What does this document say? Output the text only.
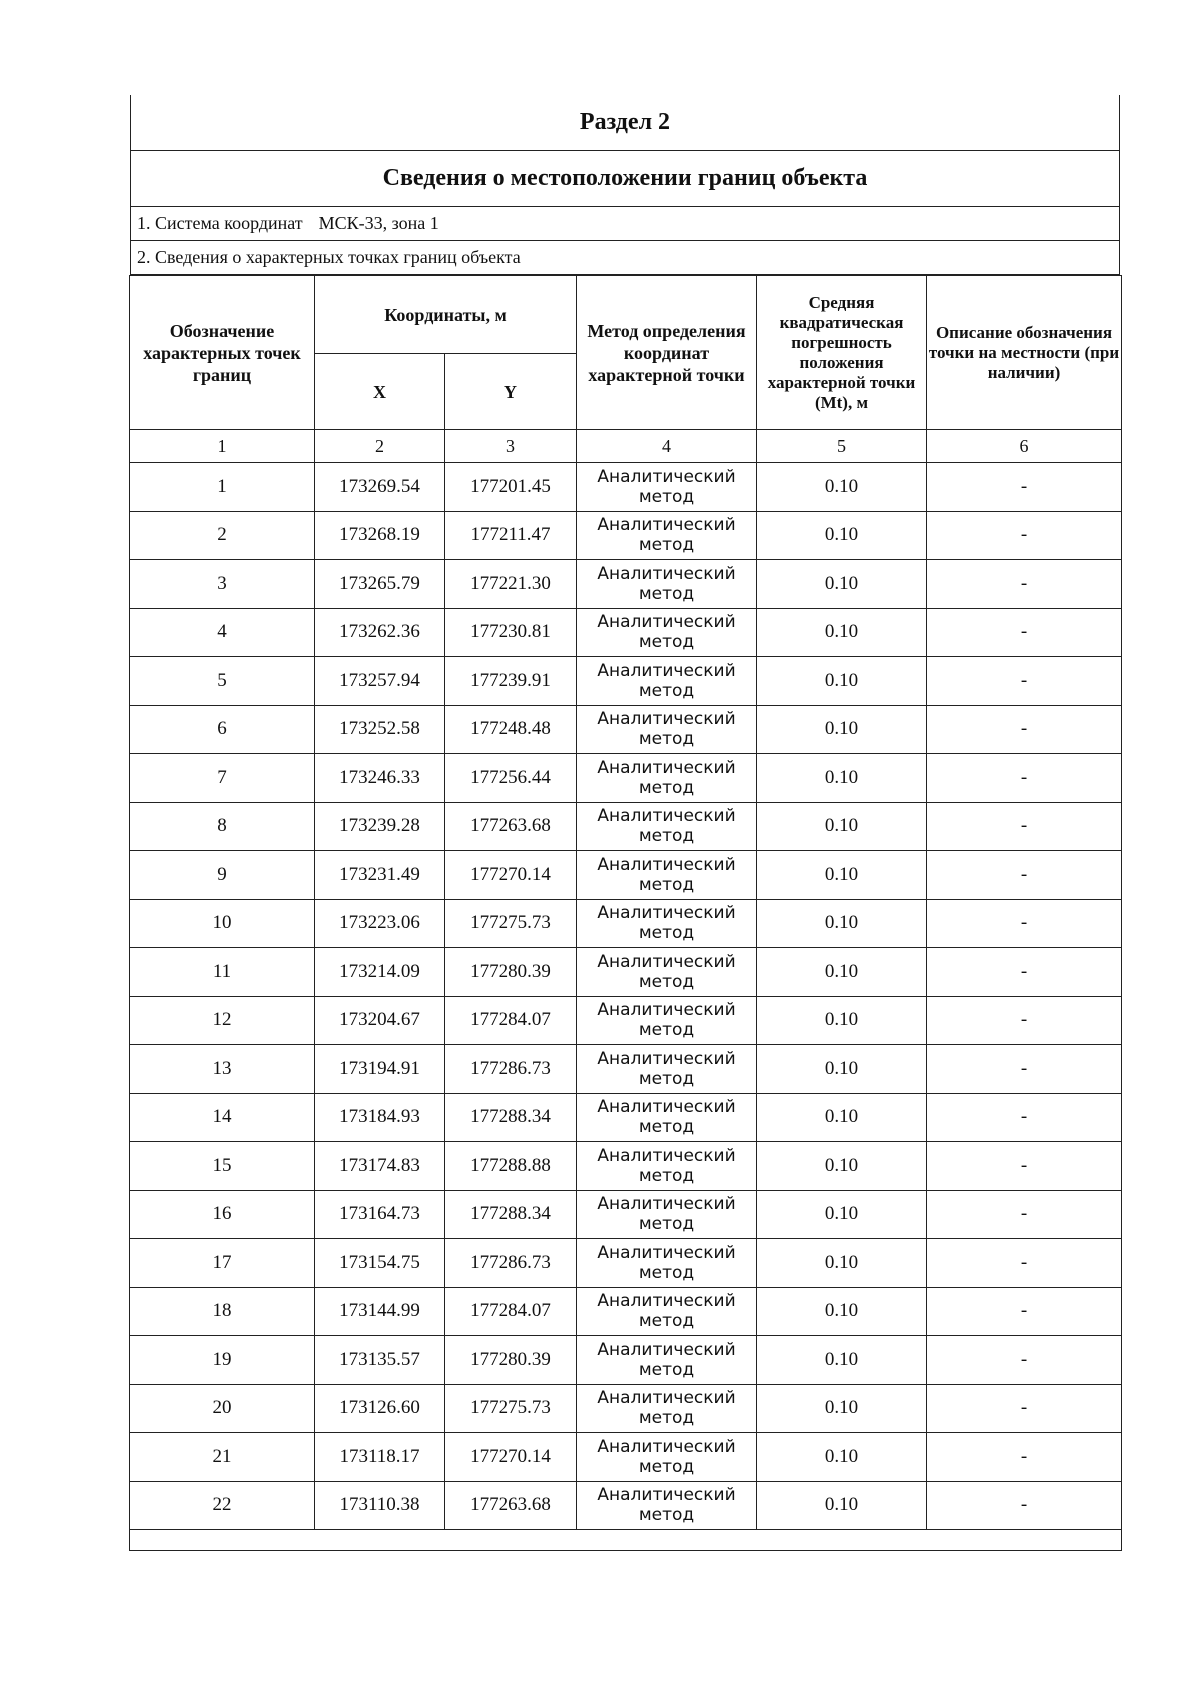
Раздел 2
Сведения о местоположении границ объекта
1. Система координат МСК-33, зона 1
2. Сведения о характерных точках границ объекта
Обозначение характерных точек границ	Координаты, м		Метод определения координат характерной точки	Средняя квадратическая погрешность положения характерной точки (Mt), м	Описание обозначения точки на местности (при наличии)
	X	Y			
1	2	3	4	5	6
1	173269.54	177201.45	Аналитический метод	0.10	-
2	173268.19	177211.47	Аналитический метод	0.10	-
3	173265.79	177221.30	Аналитический метод	0.10	-
4	173262.36	177230.81	Аналитический метод	0.10	-
5	173257.94	177239.91	Аналитический метод	0.10	-
6	173252.58	177248.48	Аналитический метод	0.10	-
7	173246.33	177256.44	Аналитический метод	0.10	-
8	173239.28	177263.68	Аналитический метод	0.10	-
9	173231.49	177270.14	Аналитический метод	0.10	-
10	173223.06	177275.73	Аналитический метод	0.10	-
11	173214.09	177280.39	Аналитический метод	0.10	-
12	173204.67	177284.07	Аналитический метод	0.10	-
13	173194.91	177286.73	Аналитический метод	0.10	-
14	173184.93	177288.34	Аналитический метод	0.10	-
15	173174.83	177288.88	Аналитический метод	0.10	-
16	173164.73	177288.34	Аналитический метод	0.10	-
17	173154.75	177286.73	Аналитический метод	0.10	-
18	173144.99	177284.07	Аналитический метод	0.10	-
19	173135.57	177280.39	Аналитический метод	0.10	-
20	173126.60	177275.73	Аналитический метод	0.10	-
21	173118.17	177270.14	Аналитический метод	0.10	-
22	173110.38	177263.68	Аналитический метод	0.10	-
